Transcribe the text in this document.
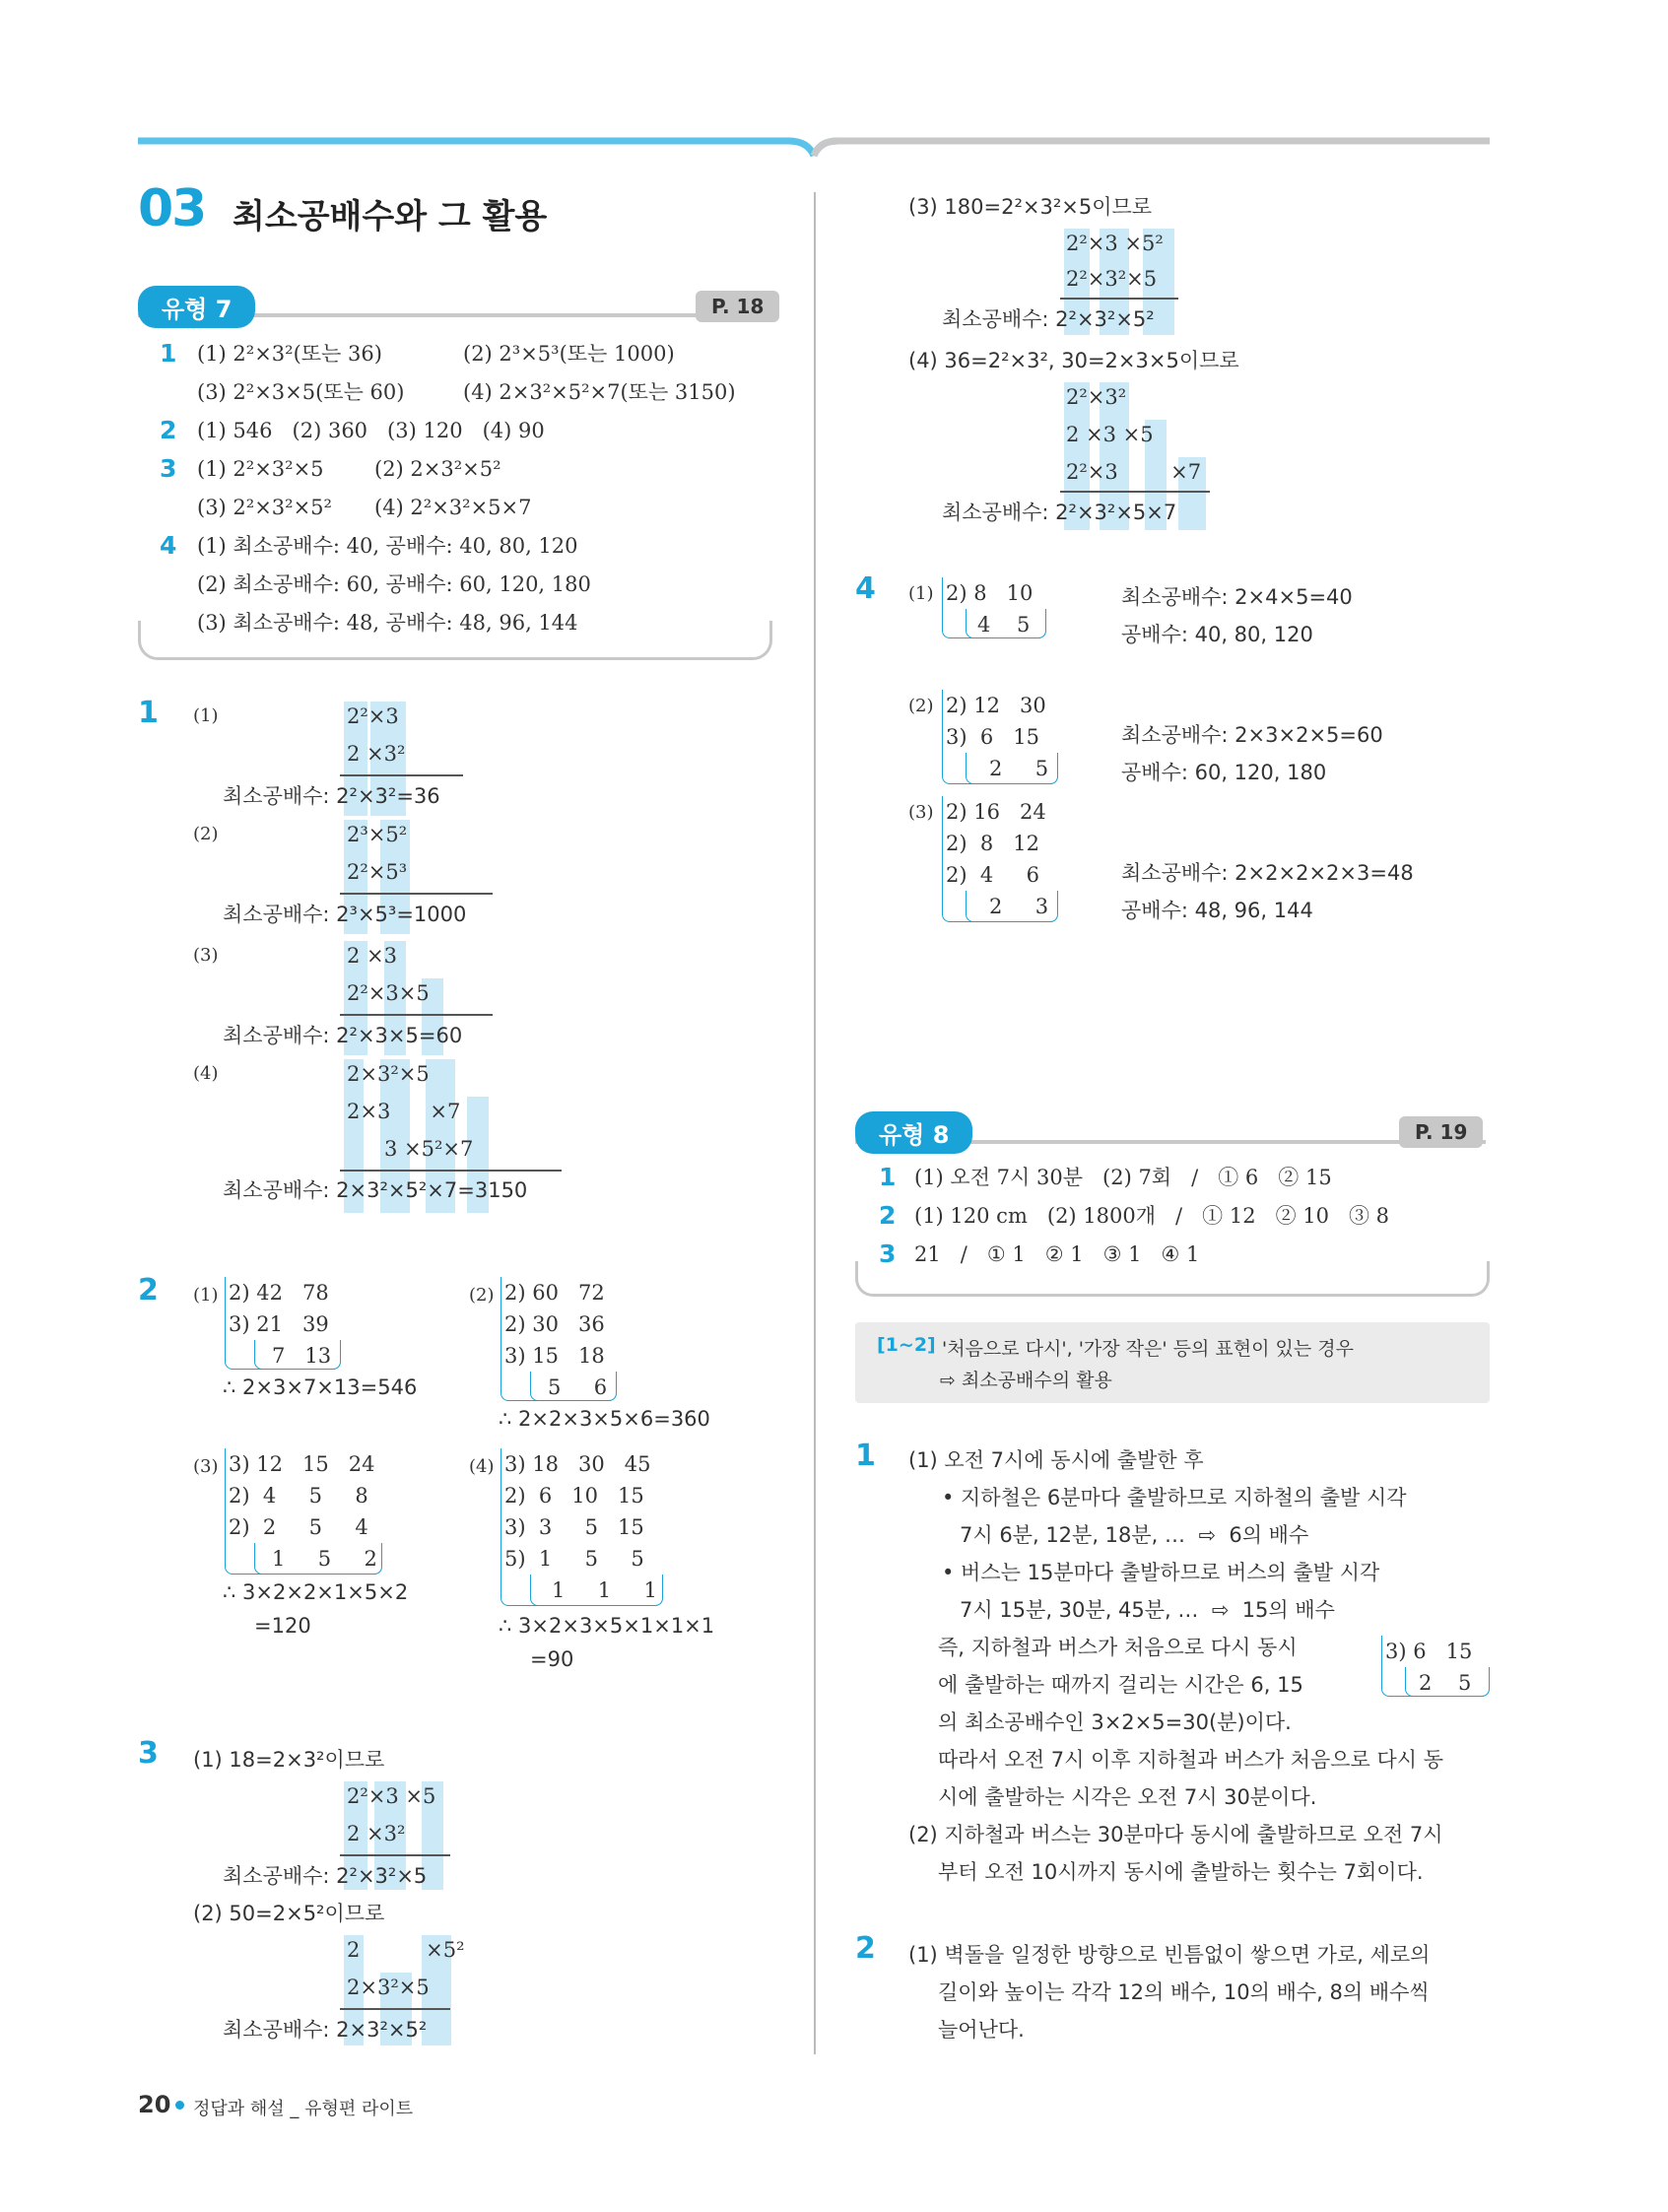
03 최소공배수와 그 활용
유형 7	P. 18
1 (1) 2²×3²(또는 36)	(2) 2³×5³(또는 1000)
(3) 2²×3×5(또는 60)	(4) 2×3²×5²×7(또는 3150)
2 (1) 546   (2) 360   (3) 120   (4) 90
3 (1) 2²×3²×5 (2) 2×3²×5²
(3) 2²×3²×5² (4) 2²×3²×5×7
4 (1) 최소공배수: 40, 공배수: 40, 80, 120
(2) 최소공배수: 60, 공배수: 60, 120, 180
(3) 최소공배수: 48, 공배수: 48, 96, 144
1 (1)	2²×3
2 ×3²
최소공배수: 2²×3²=36
(2)	2³×5²
2²×5³
최소공배수: 2³×5³=1000
(3)	2 ×3
2²×3×5
최소공배수: 2²×3×5=60
(4)	2×3²×5
2×3      ×7
3 ×5²×7
최소공배수: 2×3²×5²×7=3150
2 (1) 2) 42   78
3) 21   39
7   13
∴ 2×3×7×13=546
(2) 2) 60   72
2) 30   36
3) 15   18
5     6
∴ 2×2×3×5×6=360
(3) 3) 12   15   24
2)  4     5     8
2)  2     5     4
1     5     2
∴ 3×2×2×1×5×2
=120
(4) 3) 18   30   45
2)  6   10   15
3)  3     5   15
5)  1     5     5
1     1     1
∴ 3×2×3×5×1×1×1
=90
3 (1) 18=2×3²이므로
2²×3 ×5
2 ×3²
최소공배수: 2²×3²×5
(2) 50=2×5²이므로
2          ×5²
2×3²×5
최소공배수: 2×3²×5²
(3) 180=2²×3²×5이므로
2²×3 ×5²
2²×3²×5
최소공배수: 2²×3²×5²
(4) 36=2²×3², 30=2×3×5이므로
2²×3²
2 ×3 ×5
2²×3        ×7
최소공배수: 2²×3²×5×7
4 (1) 2) 8   10
4    5
최소공배수: 2×4×5=40
공배수: 40, 80, 120
(2) 2) 12   30
3)  6   15
2     5
최소공배수: 2×3×2×5=60
공배수: 60, 120, 180
(3) 2) 16   24
2)  8   12
2)  4     6
2     3
최소공배수: 2×2×2×2×3=48
공배수: 48, 96, 144
유형 8	P. 19
1 (1) 오전 7시 30분   (2) 7회   /   ① 6   ② 15
2 (1) 120 cm   (2) 1800개   /   ① 12   ② 10   ③ 8
3 21   /   ① 1   ② 1   ③ 1   ④ 1
[1~2] '처음으로 다시', '가장 작은' 등의 표현이 있는 경우
⇨ 최소공배수의 활용
1 (1) 오전 7시에 동시에 출발한 후
• 지하철은 6분마다 출발하므로 지하철의 출발 시각
7시 6분, 12분, 18분, …  ⇨  6의 배수
• 버스는 15분마다 출발하므로 버스의 출발 시각
7시 15분, 30분, 45분, …  ⇨  15의 배수
즉, 지하철과 버스가 처음으로 다시 동시
에 출발하는 때까지 걸리는 시간은 6, 15
의 최소공배수인 3×2×5=30(분)이다.
따라서 오전 7시 이후 지하철과 버스가 처음으로 다시 동
시에 출발하는 시각은 오전 7시 30분이다.
(2) 지하철과 버스는 30분마다 동시에 출발하므로 오전 7시
부터 오전 10시까지 동시에 출발하는 횟수는 7회이다.
3) 6   15
2    5
2 (1) 벽돌을 일정한 방향으로 빈틈없이 쌓으면 가로, 세로의
길이와 높이는 각각 12의 배수, 10의 배수, 8의 배수씩
늘어난다.
20 정답과 해설 _ 유형편 라이트
